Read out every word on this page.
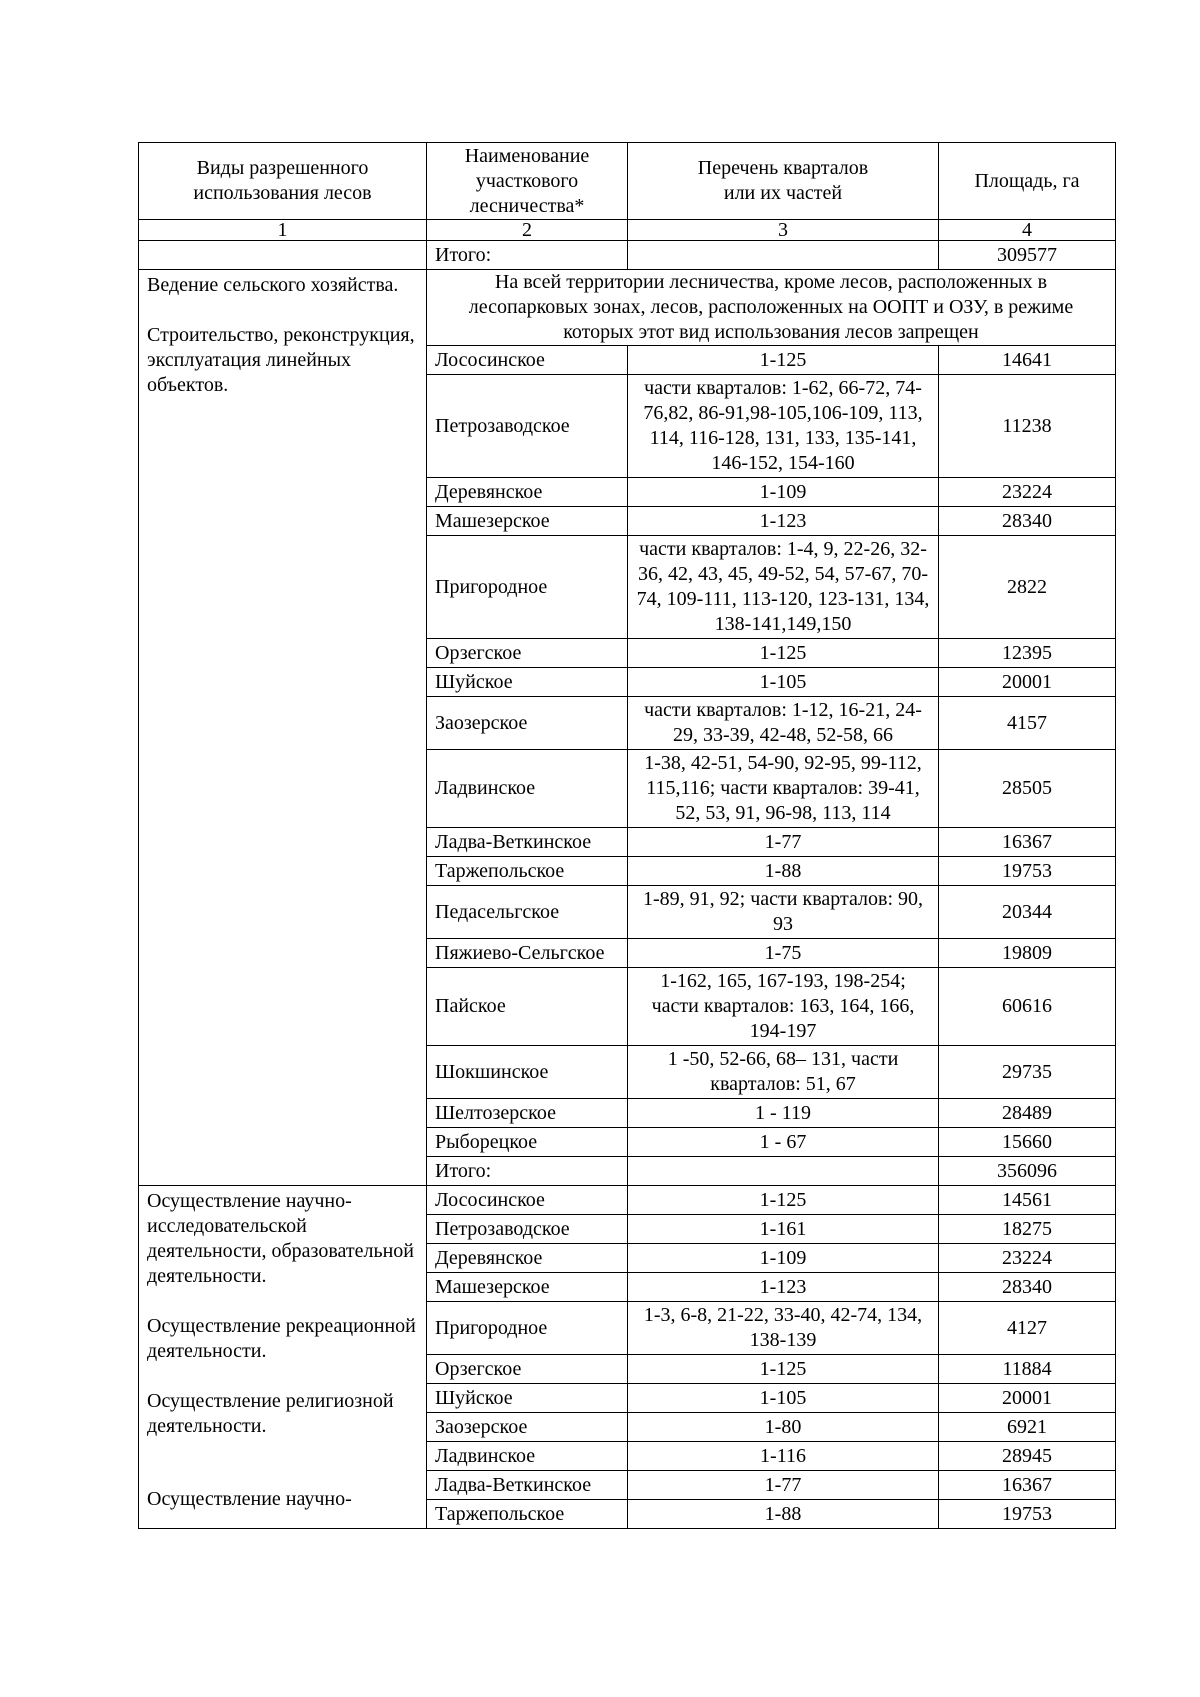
Виды разрешенного использования лесов	Наименование участкового лесничества*	Перечень кварталов или их частей	Площадь, га
1	2	3	4
	Итого:		309577

Ведение сельского хозяйства.

Строительство, реконструкция, эксплуатация линейных объектов.	На всей территории лесничества, кроме лесов, расположенных в лесопарковых зонах, лесов, расположенных на ООПТ и ОЗУ, в режиме которых этот вид использования лесов запрещен		
	Лососинское	1-125	14641
	Петрозаводское	части кварталов: 1-62, 66-72, 74-76,82, 86-91,98-105,106-109, 113, 114, 116-128, 131, 133, 135-141, 146-152, 154-160	11238
	Деревянское	1-109	23224
	Машезерское	1-123	28340
	Пригородное	части кварталов: 1-4, 9, 22-26, 32-36, 42, 43, 45, 49-52, 54, 57-67, 70-74, 109-111, 113-120, 123-131, 134, 138-141,149,150	2822
	Орзегское	1-125	12395
	Шуйское	1-105	20001
	Заозерское	части кварталов: 1-12, 16-21, 24-29, 33-39, 42-48, 52-58, 66	4157
	Ладвинское	1-38, 42-51, 54-90, 92-95, 99-112, 115,116; части кварталов: 39-41, 52, 53, 91, 96-98, 113, 114	28505
	Ладва-Веткинское	1-77	16367
	Таржепольское	1-88	19753
	Педасельгское	1-89, 91, 92; части кварталов: 90, 93	20344
	Пяжиево-Сельгское	1-75	19809
	Пайское	1-162, 165, 167-193, 198-254; части кварталов: 163, 164, 166, 194-197	60616
	Шокшинское	1 -50, 52-66, 68– 131, части кварталов: 51, 67	29735
	Шелтозерское	1 - 119	28489
	Рыборецкое	1 - 67	15660
	Итого:		356096

Осуществление научно-исследовательской деятельности, образовательной деятельности.

Осуществление рекреационной деятельности.

Осуществление религиозной деятельности.

Осуществление научно-	Лососинское	1-125	14561
	Петрозаводское	1-161	18275
	Деревянское	1-109	23224
	Машезерское	1-123	28340
	Пригородное	1-3, 6-8, 21-22, 33-40, 42-74, 134, 138-139	4127
	Орзегское	1-125	11884
	Шуйское	1-105	20001
	Заозерское	1-80	6921
	Ладвинское	1-116	28945
	Ладва-Веткинское	1-77	16367
	Таржепольское	1-88	19753
